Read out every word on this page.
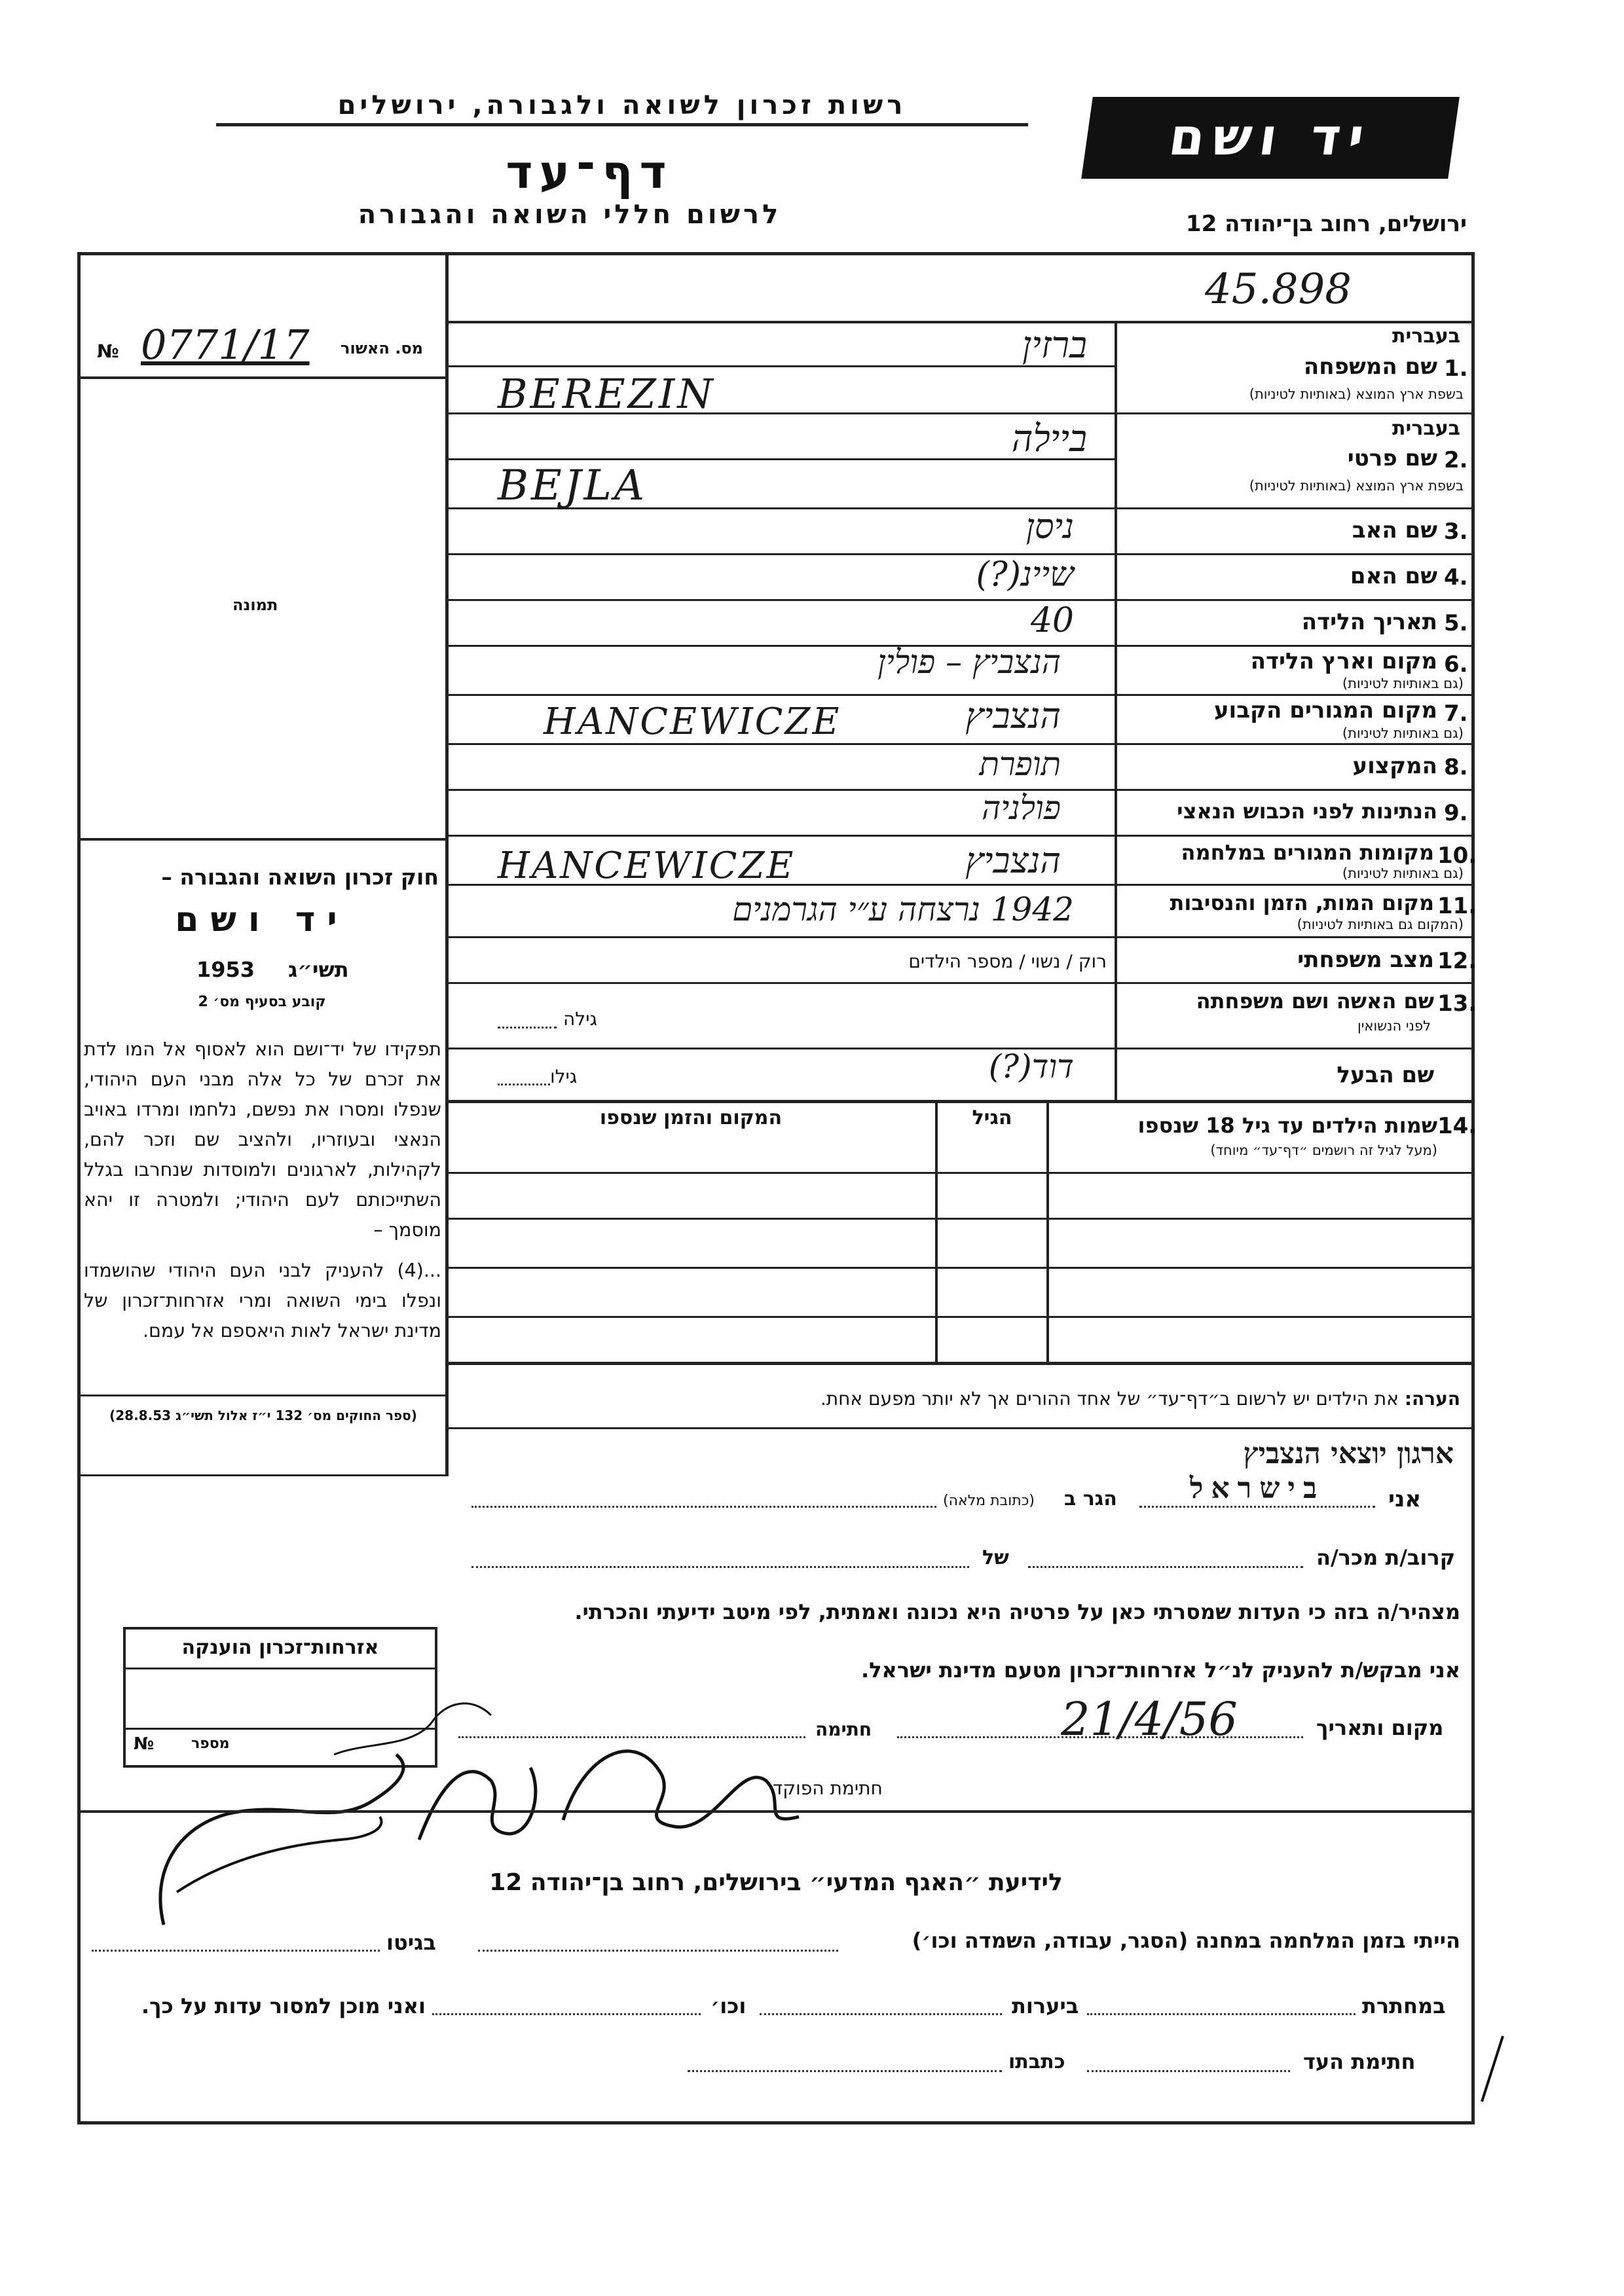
רשות זכרון לשואה ולגבורה, ירושלים
דף־עד
לרשום חללי השואה והגבורה
יד ושם
ירושלים, רחוב בן־יהודה 12
45.898
מס. האשור
0771/17
№
תמונה
חוק זכרון השואה והגבורה –
יד ושם
תשי״ג
1953
קובע בסעיף מס׳ 2
תפקידו של יד־ושם הוא לאסוף אל המו לדת את זכרם של כל אלה מבני העם היהודי, שנפלו ומסרו את נפשם, נלחמו ומרדו באויב הנאצי ובעוזריו, ולהציב שם וזכר להם, לקהילות, לארגונים ולמוסדות שנחרבו בגלל השתייכותם לעם היהודי; ולמטרה זו יהא מוסמך –
...(4) להעניק לבני העם היהודי שהושמדו ונפלו בימי השואה ומרי אזרחות־זכרון של מדינת ישראל לאות היאספם אל עמם.
(ספר החוקים מס׳ 132 י״ז אלול תשי״ג 28.8.53)
בעברית
1.
שם המשפחה
בשפת ארץ המוצא (באותיות לטיניות)
ברזין
BEREZIN
בעברית
2.
שם פרטי
בשפת ארץ המוצא (באותיות לטיניות)
ביילה
BEJLA
3.
שם האב
ניסן
4.
שם האם
שיינ(?)
5.
תאריך הלידה
40
6.
מקום וארץ הלידה
(גם באותיות לטיניות)
הנצביץ – פולין
7.
מקום המגורים הקבוע
(גם באותיות לטיניות)
הנצביץ
HANCEWICZE
8.
המקצוע
תופרת
9.
הנתינות לפני הכבוש הנאצי
פולניה
10.
מקומות המגורים במלחמה
(גם באותיות לטיניות)
הנצביץ
HANCEWICZE
11.
מקום המות, הזמן והנסיבות
(המקום גם באותיות לטיניות)
1942 נרצחה ע״י הגרמנים
12.
מצב משפחתי
רוק / נשוי / מספר הילדים
13.
שם האשה ושם משפחתה
לפני הנשואין
גילה
שם הבעל
דוד(?)
גילו
14.
שמות הילדים עד גיל 18 שנספו
(מעל לגיל זה רושמים ״דף־עד״ מיוחד)
הגיל
המקום והזמן שנספו
הערה: את הילדים יש לרשום ב״דף־עד״ של אחד ההורים אך לא יותר מפעם אחת.
ארגון יוצאי הנצביץ
אני
בישראל
הגר ב
(כתובת מלאה)
קרוב/ת מכר/ה
של
מצהיר/ה בזה כי העדות שמסרתי כאן על פרטיה היא נכונה ואמתית, לפי מיטב ידיעתי והכרתי.
אני מבקש/ת להעניק לנ״ל אזרחות־זכרון מטעם מדינת ישראל.
מקום ותאריך
21/4/56
חתימה
חתימת הפוקד
אזרחות־זכרון הוענקה
מספר
№
לידיעת ״האגף המדעי״ בירושלים, רחוב בן־יהודה 12
הייתי בזמן המלחמה במחנה (הסגר, עבודה, השמדה וכו׳)
בגיטו
במחתרת
ביערות
וכו׳
ואני מוכן למסור עדות על כך.
חתימת העד
כתבתו
